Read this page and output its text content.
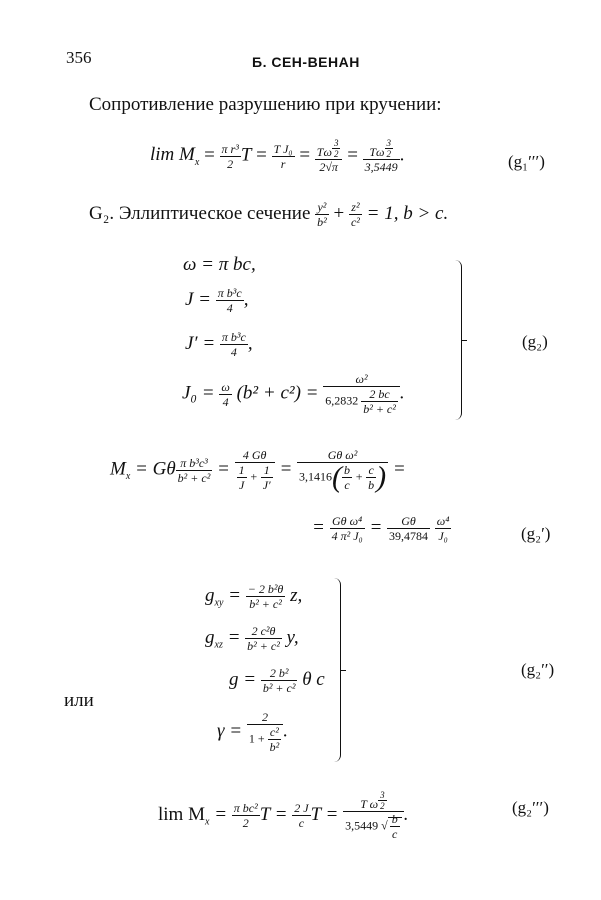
356	Б. СЕН-ВЕНАН
Сопротивление разрушению при кручении:
$\lim M_x = \frac{\text{π r³}}{2}$ $T = \frac{\text{T J₀}}{r} = T\omega$ $^{\frac{3}{2}}$
2√π = Tω $^{\frac{3}{2}}$
3,5449 .	(g₁′′′)
G₂. Эллиптическое сечение $\frac{\text{y²}}{\text{b²}} + \frac{\text{z²}}{\text{c²}} = 1$, b > c.
ω = π bc,
$J = \frac{\text{π b³c}}{4}$ ,
$J' = \frac{\text{π b³c}}{4}$ ,
$J_0 = \frac{\omega}{4} (b^2 + c^2) = \frac{\text{ω²}}{6,2832 \frac{2 bc}{\text{b² + c²}}}$ .
(g₂)
$M_x = G\theta \frac{\text{π b³c³}}{\text{b² + c²}} = \frac{4 G\theta}{\frac{1}{J} + \frac{1}{J'}} = \frac{\text{Gθ ω²}}{3,1416( \frac{b}{c} + \frac{c}{b} )}$ =
= $\frac{\text{Gθ ω⁴}}{\text{4 π² J₀}} = \frac{G\theta}{39,4784}$
$\frac{\text{ω⁴}}{\text{J₀}}$	(g₂′)
$g_{xy} = \frac{\text{− 2 b²θ}}{\text{b² + c²}} z$,
$g_{xz} = \frac{\text{2 c²θ}}{\text{b² + c²}} y$,
$g = \frac{\text{2 b²}}{\text{b² + c²}}$ θ c
$\gamma = \frac{2}{1 + \frac{\text{c²}}{\text{b²}}}$ .
или
(g₂′′)
$\lim M_x = \frac{\text{π bc²}}{2}$ $T = \frac{2 J}{c}$ T = T ω $^{\frac{3}{2}}$
3,5449 √ $\frac{b}{c}$ .	(g₂′′′)
